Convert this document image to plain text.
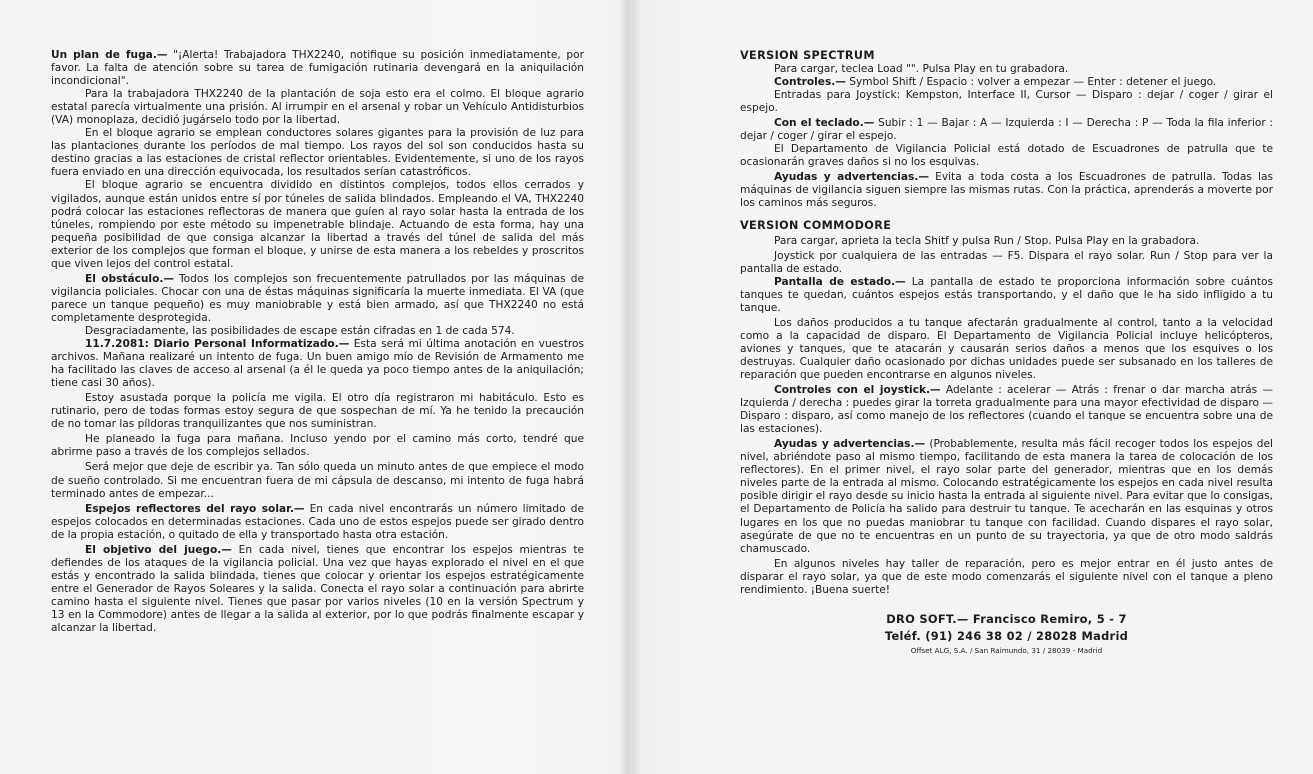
Un plan de fuga.— "¡Alerta! Trabajadora THX2240, notifique su posición inmediatamente, por favor. La falta de atención sobre su tarea de fumigación rutinaria devengará en la aniquilación incondicional".

Para la trabajadora THX2240 de la plantación de soja esto era el colmo. El bloque agrario estatal parecía virtualmente una prisión. Al irrumpir en el arsenal y robar un Vehículo Antidisturbios (VA) monoplaza, decidió jugárselo todo por la libertad.

En el bloque agrario se emplean conductores solares gigantes para la provisión de luz para las plantaciones durante los períodos de mal tiempo. Los rayos del sol son conducidos hasta su destino gracias a las estaciones de cristal reflector orientables. Evidentemente, si uno de los rayos fuera enviado en una dirección equivocada, los resultados serían catastróficos.

El bloque agrario se encuentra dividido en distintos complejos, todos ellos cerrados y vigilados, aunque están unidos entre sí por túneles de salida blindados. Empleando el VA, THX2240 podrá colocar las estaciones reflectoras de manera que guíen al rayo solar hasta la entrada de los túneles, rompiendo por este método su impenetrable blindaje. Actuando de esta forma, hay una pequeña posibilidad de que consiga alcanzar la libertad a través del túnel de salida del más exterior de los complejos que forman el bloque, y unirse de esta manera a los rebeldes y proscritos que viven lejos del control estatal.

El obstáculo.— Todos los complejos son frecuentemente patrullados por las máquinas de vigilancia policiales. Chocar con una de éstas máquinas significaría la muerte inmediata. El VA (que parece un tanque pequeño) es muy maniobrable y está bien armado, así que THX2240 no está completamente desprotegida.

Desgraciadamente, las posibilidades de escape están cifradas en 1 de cada 574.

11.7.2081: Diario Personal Informatizado.— Esta será mi última anotación en vuestros archivos. Mañana realizaré un intento de fuga. Un buen amigo mío de Revisión de Armamento me ha facilitado las claves de acceso al arsenal (a él le queda ya poco tiempo antes de la aniquilación; tiene casi 30 años).

Estoy asustada porque la policía me vigila. El otro día registraron mi habitáculo. Esto es rutinario, pero de todas formas estoy segura de que sospechan de mí. Ya he tenido la precaución de no tomar las píldoras tranquilizantes que nos suministran.

He planeado la fuga para mañana. Incluso yendo por el camino más corto, tendré que abrirme paso a través de los complejos sellados.

Será mejor que deje de escribir ya. Tan sólo queda un minuto antes de que empiece el modo de sueño controlado. Si me encuentran fuera de mi cápsula de descanso, mi intento de fuga habrá terminado antes de empezar...

Espejos reflectores del rayo solar.— En cada nivel encontrarás un número limitado de espejos colocados en determinadas estaciones. Cada uno de estos espejos puede ser girado dentro de la propia estación, o quitado de ella y transportado hasta otra estación.

El objetivo del juego.— En cada nivel, tienes que encontrar los espejos mientras te defiendes de los ataques de la vigilancia policial. Una vez que hayas explorado el nivel en el que estás y encontrado la salida blindada, tienes que colocar y orientar los espejos estratégicamente entre el Generador de Rayos Soleares y la salida. Conecta el rayo solar a continuación para abrirte camino hasta el siguiente nivel. Tienes que pasar por varios niveles (10 en la versión Spectrum y 13 en la Commodore) antes de llegar a la salida al exterior, por lo que podrás finalmente escapar y alcanzar la libertad.

VERSION SPECTRUM

Para cargar, teclea Load "". Pulsa Play en tu grabadora.

Controles.— Symbol Shift / Espacio : volver a empezar — Enter : detener el juego.

Entradas para Joystick: Kempston, Interface II, Cursor — Disparo : dejar / coger / girar el espejo.

Con el teclado.— Subir : 1 — Bajar : A — Izquierda : I — Derecha : P — Toda la fila inferior : dejar / coger / girar el espejo.

El Departamento de Vigilancia Policial está dotado de Escuadrones de patrulla que te ocasionarán graves daños si no los esquivas.

Ayudas y advertencias.— Evita a toda costa a los Escuadrones de patrulla. Todas las máquinas de vigilancia siguen siempre las mismas rutas. Con la práctica, aprenderás a moverte por los caminos más seguros.

VERSION COMMODORE

Para cargar, aprieta la tecla Shitf y pulsa Run / Stop. Pulsa Play en la grabadora.

Joystick por cualquiera de las entradas — F5. Dispara el rayo solar. Run / Stop para ver la pantalla de estado.

Pantalla de estado.— La pantalla de estado te proporciona información sobre cuántos tanques te quedan, cuántos espejos estás transportando, y el daño que le ha sido infligido a tu tanque.

Los daños producidos a tu tanque afectarán gradualmente al control, tanto a la velocidad como a la capacidad de disparo. El Departamento de Vigilancia Policial incluye helicópteros, aviones y tanques, que te atacarán y causarán serios daños a menos que los esquives o los destruyas. Cualquier daño ocasionado por dichas unidades puede ser subsanado en los talleres de reparación que pueden encontrarse en algunos niveles.

Controles con el joystick.— Adelante : acelerar — Atrás : frenar o dar marcha atrás — Izquierda / derecha : puedes girar la torreta gradualmente para una mayor efectividad de disparo — Disparo : disparo, así como manejo de los reflectores (cuando el tanque se encuentra sobre una de las estaciones).

Ayudas y advertencias.— (Probablemente, resulta más fácil recoger todos los espejos del nivel, abriéndote paso al mismo tiempo, facilitando de esta manera la tarea de colocación de los reflectores). En el primer nivel, el rayo solar parte del generador, mientras que en los demás niveles parte de la entrada al mismo. Colocando estratégicamente los espejos en cada nivel resulta posible dirigir el rayo desde su inicio hasta la entrada al siguiente nivel. Para evitar que lo consigas, el Departamento de Policía ha salido para destruir tu tanque. Te acecharán en las esquinas y otros lugares en los que no puedas maniobrar tu tanque con facilidad. Cuando dispares el rayo solar, asegúrate de que no te encuentras en un punto de su trayectoria, ya que de otro modo saldrás chamuscado.

En algunos niveles hay taller de reparación, pero es mejor entrar en él justo antes de disparar el rayo solar, ya que de este modo comenzarás el siguiente nivel con el tanque a pleno rendimiento. ¡Buena suerte!

DRO SOFT.— Francisco Remiro, 5 - 7
Teléf. (91) 246 38 02 / 28028 Madrid
Offset ALG, S.A. / San Raimundo, 31 / 28039 - Madrid
